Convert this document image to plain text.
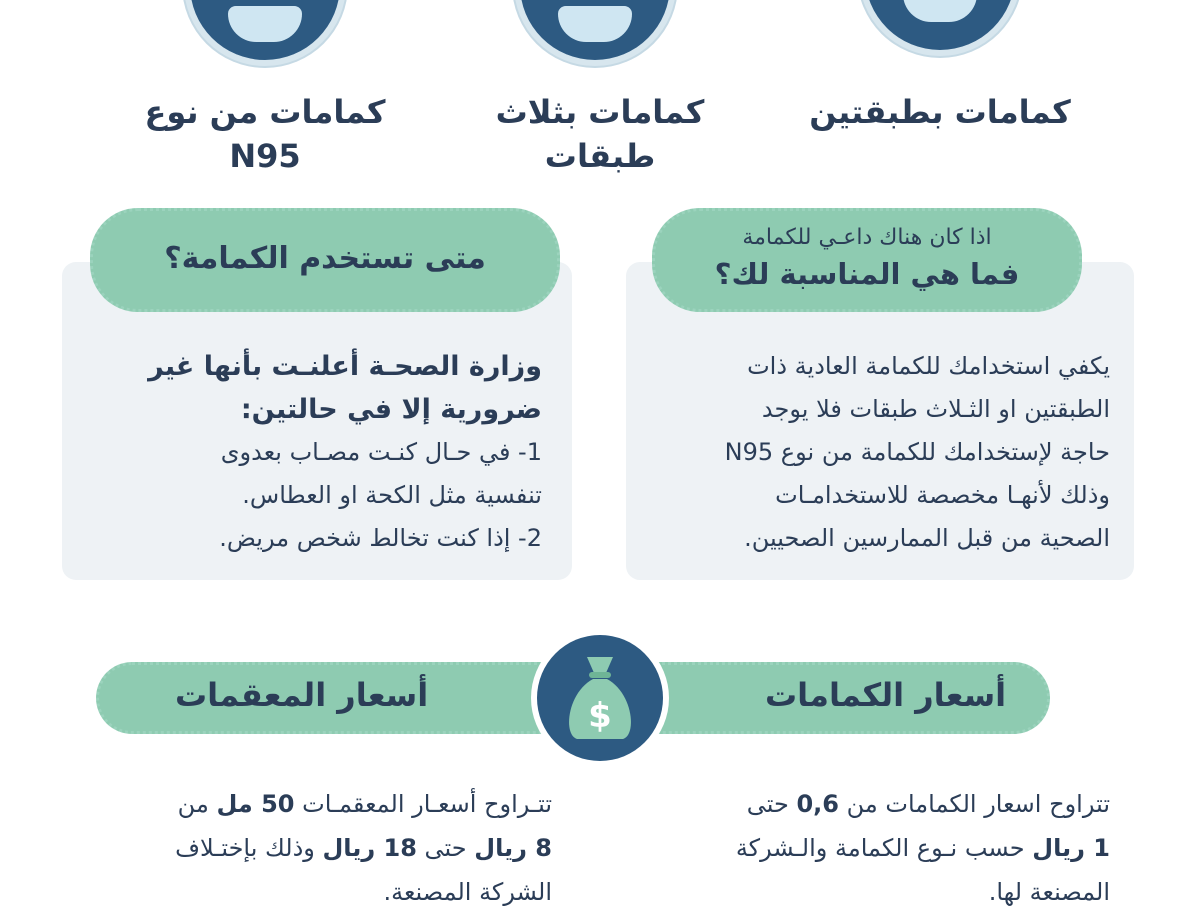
كمامات من نوع
N95
كمامات بثلاث
طبقات
كمامات بطبقتين
اذا كان هناك داعـي للكمامة
فما هي المناسبة لك؟
يكفي استخدامك للكمامة العادية ذات
الطبقتين او الثـلاث طبقات فلا يوجد
حاجة لإستخدامك للكمامة من نوع N95
وذلك لأنهـا مخصصة للاستخدامـات
الصحية من قبل الممارسين الصحيين.
متى تستخدم الكمامة؟
وزارة الصحـة أعلنـت بأنها غير
ضرورية إلا في حالتين:
1- في حـال كنـت مصـاب بعدوى
تنفسية مثل الكحة او العطاس.
2- إذا كنت تخالط شخص مريض.
أسعار المعقمات	أسعار الكمامات
$
تتـراوح أسعـار المعقمـات 50 مل من
8 ريال حتى 18 ريال وذلك بإختـلاف
الشركة المصنعة.
تتراوح اسعار الكمامات من 0,6 حتى
1 ريال حسب نـوع الكمامة والـشركة
المصنعة لها.
